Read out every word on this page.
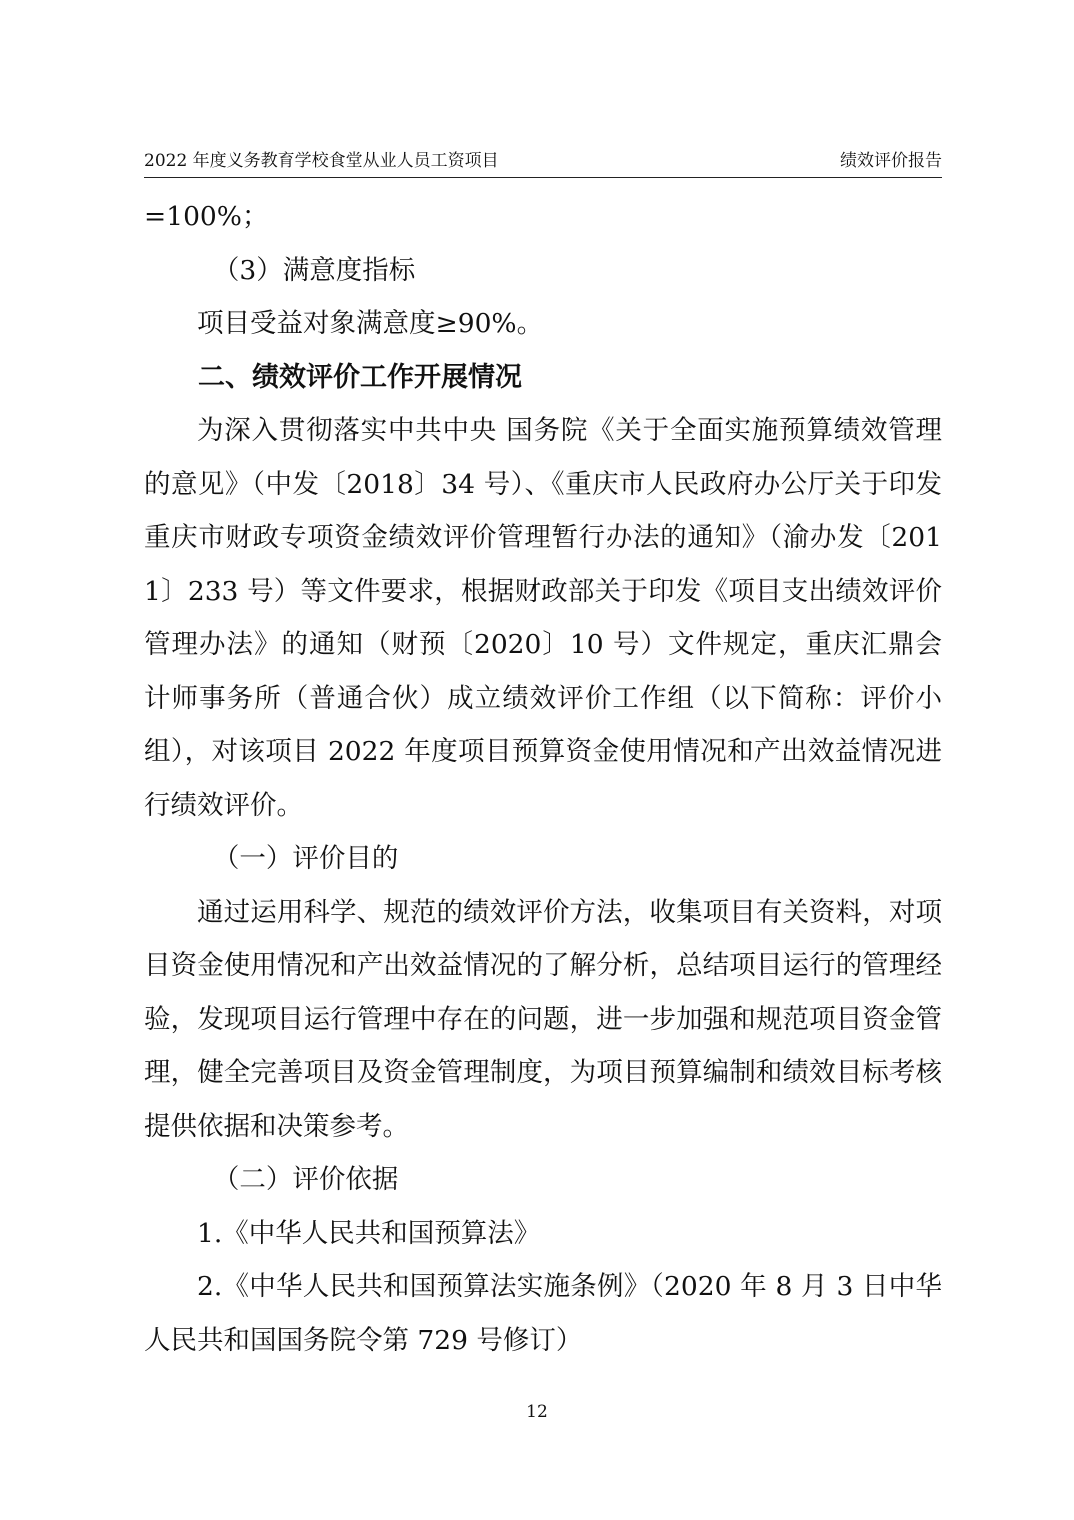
2022 年度义务教育学校食堂从业人员工资项目	绩效评价报告

=100%；

（3）满意度指标

项目受益对象满意度≥90%。

二、绩效评价工作开展情况

为深入贯彻落实中共中央 国务院《关于全面实施预算绩效管理的意见》（中发〔2018〕34 号）、《重庆市人民政府办公厅关于印发重庆市财政专项资金绩效评价管理暂行办法的通知》（渝办发〔2011〕233 号）等文件要求，根据财政部关于印发《项目支出绩效评价管理办法》的通知（财预〔2020〕10 号）文件规定，重庆汇鼎会计师事务所（普通合伙）成立绩效评价工作组（以下简称：评价小组），对该项目 2022 年度项目预算资金使用情况和产出效益情况进行绩效评价。

（一）评价目的

通过运用科学、规范的绩效评价方法，收集项目有关资料，对项目资金使用情况和产出效益情况的了解分析，总结项目运行的管理经验，发现项目运行管理中存在的问题，进一步加强和规范项目资金管理，健全完善项目及资金管理制度，为项目预算编制和绩效目标考核提供依据和决策参考。

（二）评价依据

1.《中华人民共和国预算法》

2.《中华人民共和国预算法实施条例》（2020 年 8 月 3 日中华人民共和国国务院令第 729 号修订）

12
